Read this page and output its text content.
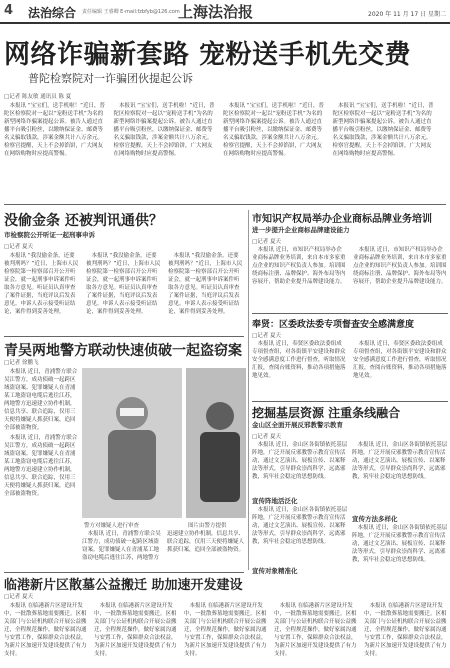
4 法治综合 责任编辑 王睿卿 E-mail:fzbfyb@126.com
上海法治报	2020 年 11 月 17 日 星期二
网络诈骗新套路 宠粉送手机先交费
普陀检察院对一诈骗团伙提起公诉
□记者 陈友敏 通讯员 陈 夏

本报讯 “宝宝们，送手机啦！”近日，普陀区检察院对一起以“宠粉送手机”为名的新型网络诈骗案提起公诉。被告人通过直播平台吸引粉丝，以缴纳保证金、邮费等名义骗取钱款，涉案金额共计八万余元。检察官提醒，天上不会掉馅饼，广大网友在网络购物时应提高警惕。

本报讯 “宝宝们，送手机啦！”近日，普陀区检察院对一起以“宠粉送手机”为名的新型网络诈骗案提起公诉。被告人通过直播平台吸引粉丝，以缴纳保证金、邮费等名义骗取钱款，涉案金额共计八万余元。检察官提醒，天上不会掉馅饼，广大网友在网络购物时应提高警惕。

本报讯 “宝宝们，送手机啦！”近日，普陀区检察院对一起以“宠粉送手机”为名的新型网络诈骗案提起公诉。被告人通过直播平台吸引粉丝，以缴纳保证金、邮费等名义骗取钱款，涉案金额共计八万余元。检察官提醒，天上不会掉馅饼，广大网友在网络购物时应提高警惕。

本报讯 “宝宝们，送手机啦！”近日，普陀区检察院对一起以“宠粉送手机”为名的新型网络诈骗案提起公诉。被告人通过直播平台吸引粉丝，以缴纳保证金、邮费等名义骗取钱款，涉案金额共计八万余元。检察官提醒，天上不会掉馅饼，广大网友在网络购物时应提高警惕。

没偷金条 还被判讯通供？
市检察院公开听证一起刑事申诉
□记者 夏天

本报讯 “我没偷金条，还要被判刑吗？”近日，上海市人民检察院第一检察部召开公开听证会，就一起刑事申诉案件听取各方意见。听证员认真审查了案件证据，当庭评议后发表意见。申诉人表示接受听证结论，案件得到妥善处理。

本报讯 “我没偷金条，还要被判刑吗？”近日，上海市人民检察院第一检察部召开公开听证会，就一起刑事申诉案件听取各方意见。听证员认真审查了案件证据，当庭评议后发表意见。申诉人表示接受听证结论，案件得到妥善处理。

本报讯 “我没偷金条，还要被判刑吗？”近日，上海市人民检察院第一检察部召开公开听证会，就一起刑事申诉案件听取各方意见。听证员认真审查了案件证据，当庭评议后发表意见。申诉人表示接受听证结论，案件得到妥善处理。

青吴两地警方联动快速侦破一起盗窃案
□记者 徐鹏飞

本报讯 近日，青浦警方联合吴江警方，成功侦破一起跨区域盗窃案。犯罪嫌疑人在青浦某工地盗窃电缆后逃往江苏，两地警方迅速建立协作机制，信息共享、联合追踪，仅用三天便将嫌疑人抓获归案，追回全部被盗物资。

本报讯 近日，青浦警方联合吴江警方，成功侦破一起跨区域盗窃案。犯罪嫌疑人在青浦某工地盗窃电缆后逃往江苏，两地警方迅速建立协作机制，信息共享、联合追踪，仅用三天便将嫌疑人抓获归案，追回全部被盗物资。

警方对嫌疑人进行审查	图片由警方提供

本报讯 近日，青浦警方联合吴江警方，成功侦破一起跨区域盗窃案。犯罪嫌疑人在青浦某工地盗窃电缆后逃往江苏，两地警方迅速建立协作机制，信息共享、联合追踪，仅用三天便将嫌疑人抓获归案，追回全部被盗物资。

临港新片区散墓公益搬迁 助加速开发建设
□记者 夏天

本报讯 在临港新片区建设开发中，一批散葬墓地需要搬迁。区相关部门与公证机构联合开展公益搬迁，全程规范操作，做好家属沟通与安置工作，保障群众合法权益，为新片区加速开发建设提供了有力支持。

本报讯 在临港新片区建设开发中，一批散葬墓地需要搬迁。区相关部门与公证机构联合开展公益搬迁，全程规范操作，做好家属沟通与安置工作，保障群众合法权益，为新片区加速开发建设提供了有力支持。

本报讯 在临港新片区建设开发中，一批散葬墓地需要搬迁。区相关部门与公证机构联合开展公益搬迁，全程规范操作，做好家属沟通与安置工作，保障群众合法权益，为新片区加速开发建设提供了有力支持。

本报讯 在临港新片区建设开发中，一批散葬墓地需要搬迁。区相关部门与公证机构联合开展公益搬迁，全程规范操作，做好家属沟通与安置工作，保障群众合法权益，为新片区加速开发建设提供了有力支持。

本报讯 在临港新片区建设开发中，一批散葬墓地需要搬迁。区相关部门与公证机构联合开展公益搬迁，全程规范操作，做好家属沟通与安置工作，保障群众合法权益，为新片区加速开发建设提供了有力支持。

市知识产权局举办企业商标品牌业务培训
进一步提升企业商标品牌建设能力
□记者 夏天

本报讯 近日，市知识产权局举办企业商标品牌业务培训，来自本市多家重点企业的知识产权负责人参加。培训围绕商标注册、品牌保护、海外布局等内容展开，帮助企业提升品牌建设能力。

本报讯 近日，市知识产权局举办企业商标品牌业务培训，来自本市多家重点企业的知识产权负责人参加。培训围绕商标注册、品牌保护、海外布局等内容展开，帮助企业提升品牌建设能力。

奉贤：区委政法委专项督查安全感满意度
□记者 夏天

本报讯 近日，奉贤区委政法委组成专项督查组，对各街镇平安建设和群众安全感满意度工作进行督查，听取情况汇报，查阅台账资料，推动各项措施落地见效。

本报讯 近日，奉贤区委政法委组成专项督查组，对各街镇平安建设和群众安全感满意度工作进行督查，听取情况汇报，查阅台账资料，推动各项措施落地见效。

挖掘基层资源 注重条线融合
金山区全面开展反邪教警示教育
□记者 夏天

本报讯 近日，金山区各街镇依托基层阵地，广泛开展反邪教警示教育宣传活动，通过文艺演出、展板宣传、以案释法等形式，引导群众崇尚科学、远离邪教，筑牢社会稳定的思想防线。

宣传阵地活泛化

本报讯 近日，金山区各街镇依托基层阵地，广泛开展反邪教警示教育宣传活动，通过文艺演出、展板宣传、以案释法等形式，引导群众崇尚科学、远离邪教，筑牢社会稳定的思想防线。

宣传对象精准化

本报讯 近日，金山区各街镇依托基层阵地，广泛开展反邪教警示教育宣传活动，通过文艺演出、展板宣传、以案释法等形式，引导群众崇尚科学、远离邪教，筑牢社会稳定的思想防线。

宣传方法多样化

本报讯 近日，金山区各街镇依托基层阵地，广泛开展反邪教警示教育宣传活动，通过文艺演出、展板宣传、以案释法等形式，引导群众崇尚科学、远离邪教，筑牢社会稳定的思想防线。
